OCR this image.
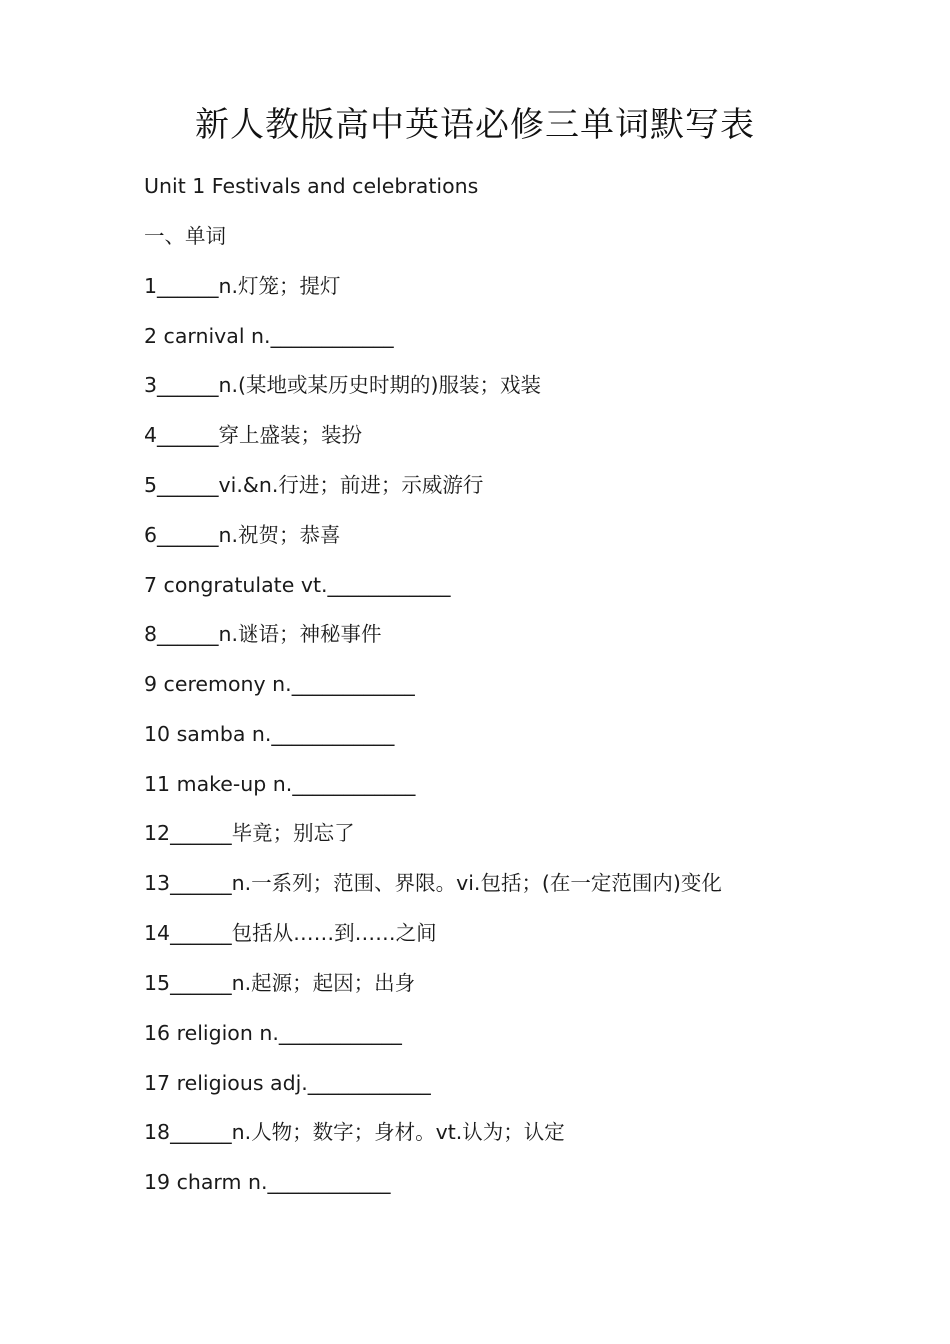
新人教版高中英语必修三单词默写表
Unit 1 Festivals and celebrations
一、单词
1______n.灯笼；提灯
2 carnival n.____________
3______n.(某地或某历史时期的)服装；戏装
4______穿上盛装；装扮
5______vi.&n.行进；前进；示威游行
6______n.祝贺；恭喜
7 congratulate vt.____________
8______n.谜语；神秘事件
9 ceremony n.____________
10 samba n.____________
11 make-up n.____________
12______毕竟；别忘了
13______n.一系列；范围、界限。vi.包括；(在一定范围内)变化
14______包括从……到……之间
15______n.起源；起因；出身
16 religion n.____________
17 religious adj.____________
18______n.人物；数字；身材。vt.认为；认定
19 charm n.____________
